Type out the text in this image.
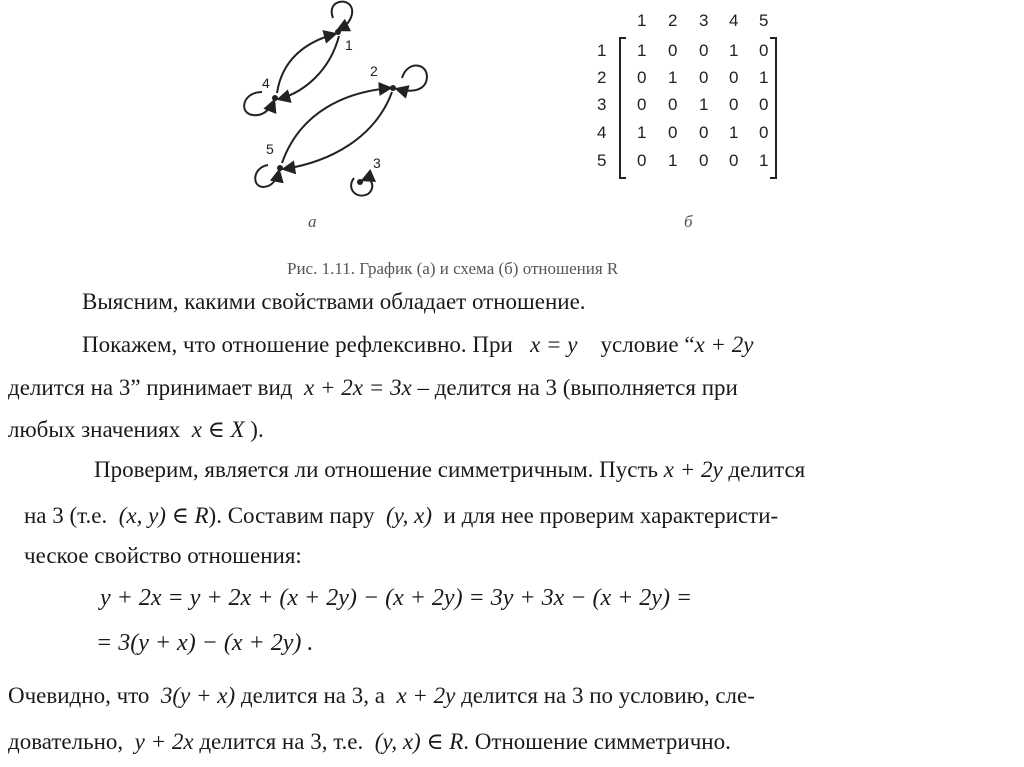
1
2
3
4
5
1 2 3 4 5
1
2
3
4
5
1 0 0 1 0
0 1 0 0 1
0 0 1 0 0
1 0 0 1 0
0 1 0 0 1
а	б
Рис. 1.11. График (а) и схема (б) отношения R
Выясним, какими свойствами обладает отношение.
Покажем, что отношение рефлексивно. При x = y условие “x + 2y
делится на 3” принимает вид x + 2x = 3x – делится на 3 (выполняется при
любых значениях x ∈ X ).
Проверим, является ли отношение симметричным. Пусть x + 2y делится
на 3 (т.е. (x, y) ∈ R). Составим пару (y, x) и для нее проверим характеристи-
ческое свойство отношения:
y + 2x = y + 2x + (x + 2y) − (x + 2y) = 3y + 3x − (x + 2y) =
= 3(y + x) − (x + 2y) .
Очевидно, что 3(y + x) делится на 3, а x + 2y делится на 3 по условию, сле-
довательно, y + 2x делится на 3, т.е. (y, x) ∈ R. Отношение симметрично.
